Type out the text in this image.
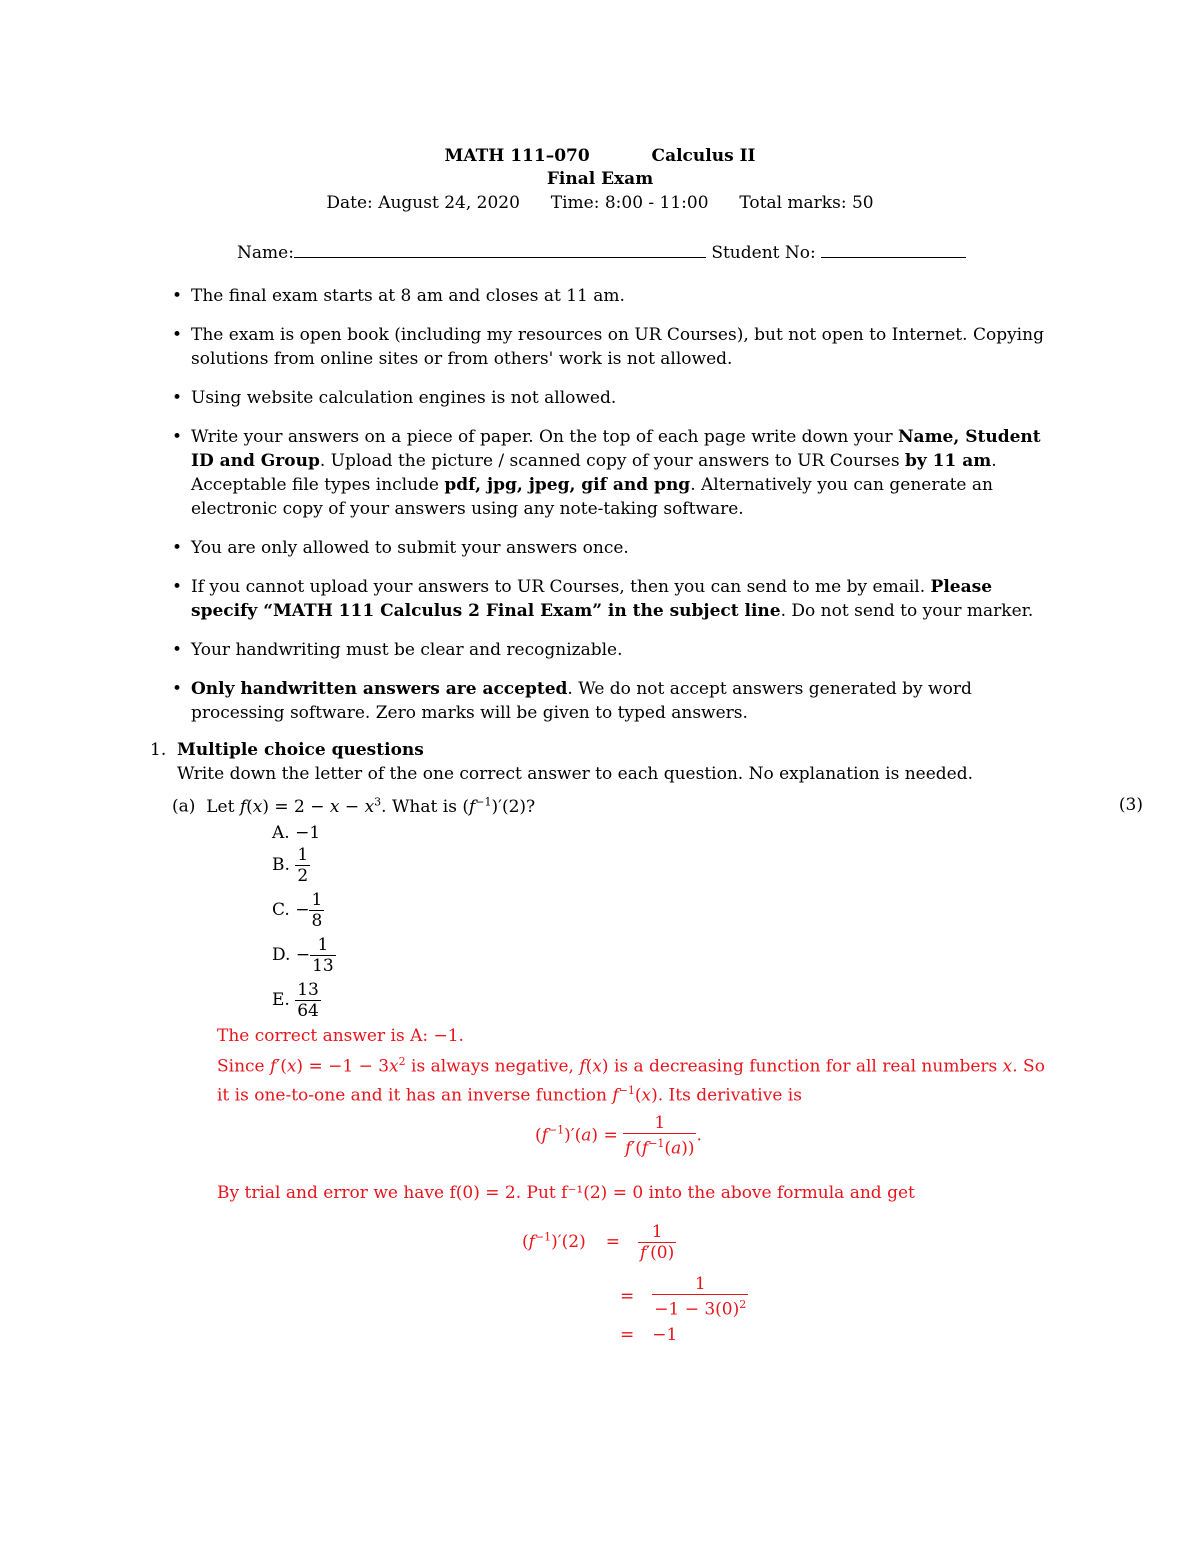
MATH 111–070	Calculus II
Final Exam
Date: August 24, 2020 Time: 8:00 - 11:00 Total marks: 50
Name:	Student No:
• The final exam starts at 8 am and closes at 11 am.
• The exam is open book (including my resources on UR Courses), but not open to Internet. Copying solutions from online sites or from others' work is not allowed.
• Using website calculation engines is not allowed.
• Write your answers on a piece of paper. On the top of each page write down your Name, Student ID and Group. Upload the picture / scanned copy of your answers to UR Courses by 11 am. Acceptable file types include pdf, jpg, jpeg, gif and png. Alternatively you can generate an electronic copy of your answers using any note-taking software.
• You are only allowed to submit your answers once.
• If you cannot upload your answers to UR Courses, then you can send to me by email. Please specify “MATH 111 Calculus 2 Final Exam” in the subject line. Do not send to your marker.
• Your handwriting must be clear and recognizable.
• Only handwritten answers are accepted. We do not accept answers generated by word processing software. Zero marks will be given to typed answers.
1. Multiple choice questions
Write down the letter of the one correct answer to each question. No explanation is needed.
(a)  Let $f(x) = 2 - x - x^3$. What is $(f^{-1})'(2)$?	(3)
A. −1
B. $\frac{1}{2}$
C. − $\frac{1}{8}$
D. − $\frac{1}{13}$
E. $\frac{13}{64}$
The correct answer is A: −1.
Since $f'(x) = -1 - 3x^2$ is always negative, f(x) is a decreasing function for all real numbers x. So it is one-to-one and it has an inverse function $f^{-1}(x)$. Its derivative is
$(f^{-1})'(a) = \frac{1}{f'(f^{-1}(a))}$ .
By trial and error we have f(0) = 2. Put f⁻¹(2) = 0 into the above formula and get
$(f^{-1})'(2) = \frac{1}{f'(0)}$
= $\frac{1}{-1 - 3(0)^2}$
= −1
